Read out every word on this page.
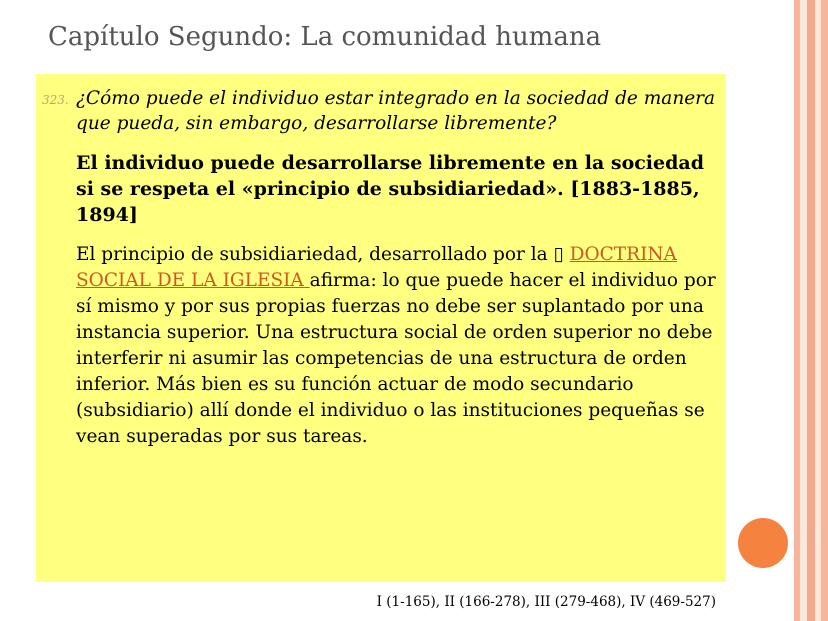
Capítulo Segundo: La comunidad humana
323. ¿Cómo puede el individuo estar integrado en la sociedad de manera que pueda, sin embargo, desarrollarse libremente?
El individuo puede desarrollarse libremente en la sociedad si se respeta el «principio de subsidiariedad». [1883-1885, 1894]
El principio de subsidiariedad, desarrollado por la ▯ DOCTRINA SOCIAL DE LA IGLESIA afirma: lo que puede hacer el individuo por sí mismo y por sus propias fuerzas no debe ser suplantado por una instancia superior. Una estructura social de orden superior no debe interferir ni asumir las competencias de una estructura de orden inferior. Más bien es su función actuar de modo secundario (subsidiario) allí donde el individuo o las instituciones pequeñas se vean superadas por sus tareas.
I (1-165), II (166-278), III (279-468), IV (469-527)
